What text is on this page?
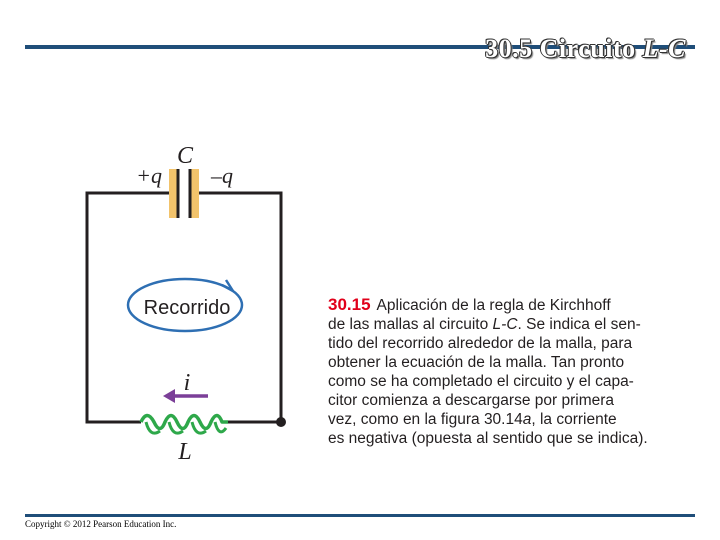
30.5 Circuito L-C
C
+q –q
Recorrido
i
L
30.15 Aplicación de la regla de Kirchhoff
de las mallas al circuito L-C. Se indica el sen-
tido del recorrido alrededor de la malla, para
obtener la ecuación de la malla. Tan pronto
como se ha completado el circuito y el capa-
citor comienza a descargarse por primera
vez, como en la figura 30.14a, la corriente
es negativa (opuesta al sentido que se indica).
Copyright © 2012 Pearson Education Inc.
